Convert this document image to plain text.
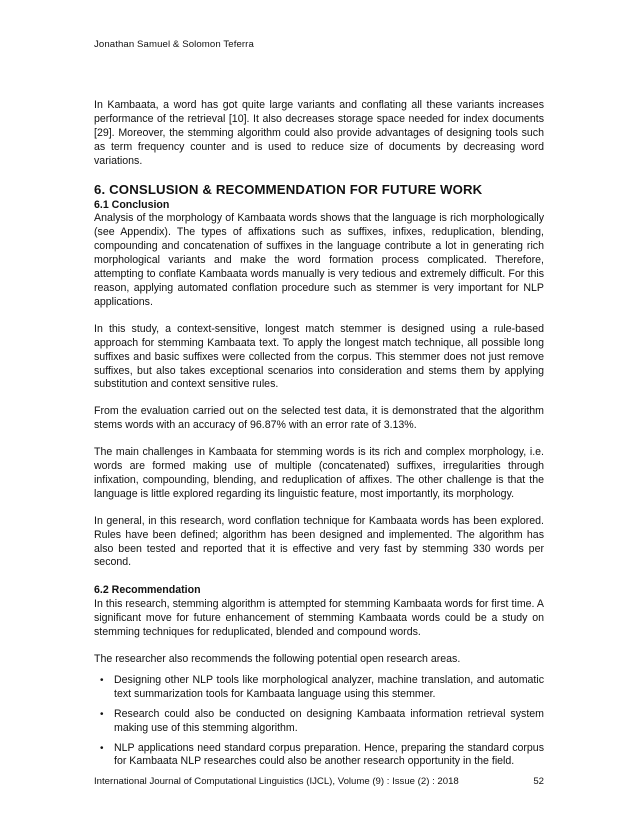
Jonathan Samuel & Solomon Teferra

In Kambaata, a word has got quite large variants and conflating all these variants increases performance of the retrieval [10]. It also decreases storage space needed for index documents [29]. Moreover, the stemming algorithm could also provide advantages of designing tools such as term frequency counter and is used to reduce size of documents by decreasing word variations.

6. CONSLUSION & RECOMMENDATION FOR FUTURE WORK
6.1 Conclusion

Analysis of the morphology of Kambaata words shows that the language is rich morphologically (see Appendix). The types of affixations such as suffixes, infixes, reduplication, blending, compounding and concatenation of suffixes in the language contribute a lot in generating rich morphological variants and make the word formation process complicated. Therefore, attempting to conflate Kambaata words manually is very tedious and extremely difficult. For this reason, applying automated conflation procedure such as stemmer is very important for NLP applications.

In this study, a context-sensitive, longest match stemmer is designed using a rule-based approach for stemming Kambaata text. To apply the longest match technique, all possible long suffixes and basic suffixes were collected from the corpus. This stemmer does not just remove suffixes, but also takes exceptional scenarios into consideration and stems them by applying substitution and context sensitive rules.

From the evaluation carried out on the selected test data, it is demonstrated that the algorithm stems words with an accuracy of 96.87% with an error rate of 3.13%.

The main challenges in Kambaata for stemming words is its rich and complex morphology, i.e. words are formed making use of multiple (concatenated) suffixes, irregularities through infixation, compounding, blending, and reduplication of affixes. The other challenge is that the language is little explored regarding its linguistic feature, most importantly, its morphology.

In general, in this research, word conflation technique for Kambaata words has been explored. Rules have been defined; algorithm has been designed and implemented. The algorithm has also been tested and reported that it is effective and very fast by stemming 330 words per second.

6.2 Recommendation

In this research, stemming algorithm is attempted for stemming Kambaata words for first time. A significant move for future enhancement of stemming Kambaata words could be a study on stemming techniques for reduplicated, blended and compound words.

The researcher also recommends the following potential open research areas.

• Designing other NLP tools like morphological analyzer, machine translation, and automatic text summarization tools for Kambaata language using this stemmer.
• Research could also be conducted on designing Kambaata information retrieval system making use of this stemming algorithm.
• NLP applications need standard corpus preparation. Hence, preparing the standard corpus for Kambaata NLP researches could also be another research opportunity in the field.
International Journal of Computational Linguistics (IJCL), Volume (9) : Issue (2) : 2018	52
